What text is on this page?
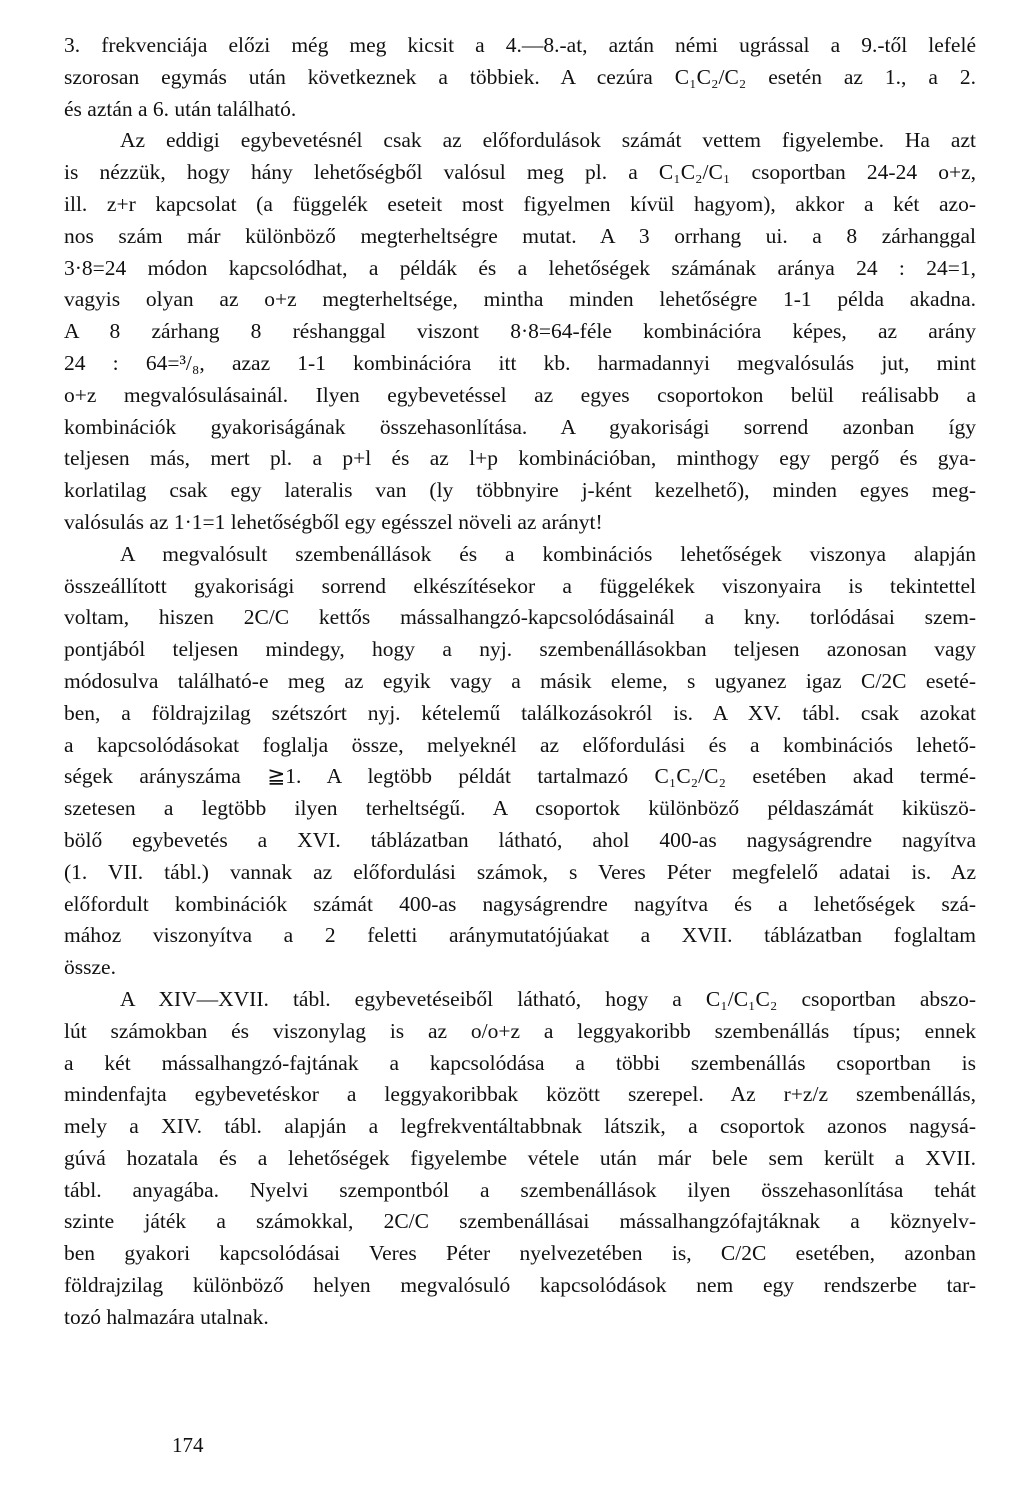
3. frekvenciája előzi még meg kicsit a 4.—8.-at, aztán némi ugrással a 9.-től lefelé
szorosan egymás után következnek a többiek. A cezúra C₁C₂/C₂ esetén az 1., a 2.
és aztán a 6. után található.
Az eddigi egybevetésnél csak az előfordulások számát vettem figyelembe. Ha azt
is nézzük, hogy hány lehetőségből valósul meg pl. a C₁C₂/C₁ csoportban 24-24 o+z,
ill. z+r kapcsolat (a függelék eseteit most figyelmen kívül hagyom), akkor a két azo-
nos szám már különböző megterheltségre mutat. A 3 orrhang ui. a 8 zárhanggal
3·8=24 módon kapcsolódhat, a példák és a lehetőségek számának aránya 24 : 24=1,
vagyis olyan az o+z megterheltsége, mintha minden lehetőségre 1-1 példa akadna.
A 8 zárhang 8 réshanggal viszont 8·8=64-féle kombinációra képes, az arány
24 : 64=³/₈, azaz 1-1 kombinációra itt kb. harmadannyi megvalósulás jut, mint
o+z megvalósulásainál. Ilyen egybevetéssel az egyes csoportokon belül reálisabb a
kombinációk gyakoriságának összehasonlítása. A gyakorisági sorrend azonban így
teljesen más, mert pl. a p+l és az l+p kombinációban, minthogy egy pergő és gya-
korlatilag csak egy lateralis van (ly többnyire j-ként kezelhető), minden egyes meg-
valósulás az 1·1=1 lehetőségből egy egésszel növeli az arányt!
A megvalósult szembenállások és a kombinációs lehetőségek viszonya alapján
összeállított gyakorisági sorrend elkészítésekor a függelékek viszonyaira is tekintettel
voltam, hiszen 2C/C kettős mássalhangzó-kapcsolódásainál a kny. torlódásai szem-
pontjából teljesen mindegy, hogy a nyj. szembenállásokban teljesen azonosan vagy
módosulva található-e meg az egyik vagy a másik eleme, s ugyanez igaz C/2C eseté-
ben, a földrajzilag szétszórt nyj. kételemű találkozásokról is. A XV. tábl. csak azokat
a kapcsolódásokat foglalja össze, melyeknél az előfordulási és a kombinációs lehető-
ségek arányszáma ≧1. A legtöbb példát tartalmazó C₁C₂/C₂ esetében akad termé-
szetesen a legtöbb ilyen terheltségű. A csoportok különböző példaszámát kiküszö-
bölő egybevetés a XVI. táblázatban látható, ahol 400-as nagyságrendre nagyítva
(1. VII. tábl.) vannak az előfordulási számok, s Veres Péter megfelelő adatai is. Az
előfordult kombinációk számát 400-as nagyságrendre nagyítva és a lehetőségek szá-
mához viszonyítva a 2 feletti aránymutatójúakat a XVII. táblázatban foglaltam
össze.
A XIV—XVII. tábl. egybevetéseiből látható, hogy a C₁/C₁C₂ csoportban abszo-
lút számokban és viszonylag is az o/o+z a leggyakoribb szembenállás típus; ennek
a két mássalhangzó-fajtának a kapcsolódása a többi szembenállás csoportban is
mindenfajta egybevetéskor a leggyakoribbak között szerepel. Az r+z/z szembenállás,
mely a XIV. tábl. alapján a legfrekventáltabbnak látszik, a csoportok azonos nagysá-
gúvá hozatala és a lehetőségek figyelembe vétele után már bele sem került a XVII.
tábl. anyagába. Nyelvi szempontból a szembenállások ilyen összehasonlítása tehát
szinte játék a számokkal, 2C/C szembenállásai mássalhangzófajtáknak a köznyelv-
ben gyakori kapcsolódásai Veres Péter nyelvezetében is, C/2C esetében, azonban
földrajzilag különböző helyen megvalósuló kapcsolódások nem egy rendszerbe tar-
tozó halmazára utalnak.
174
